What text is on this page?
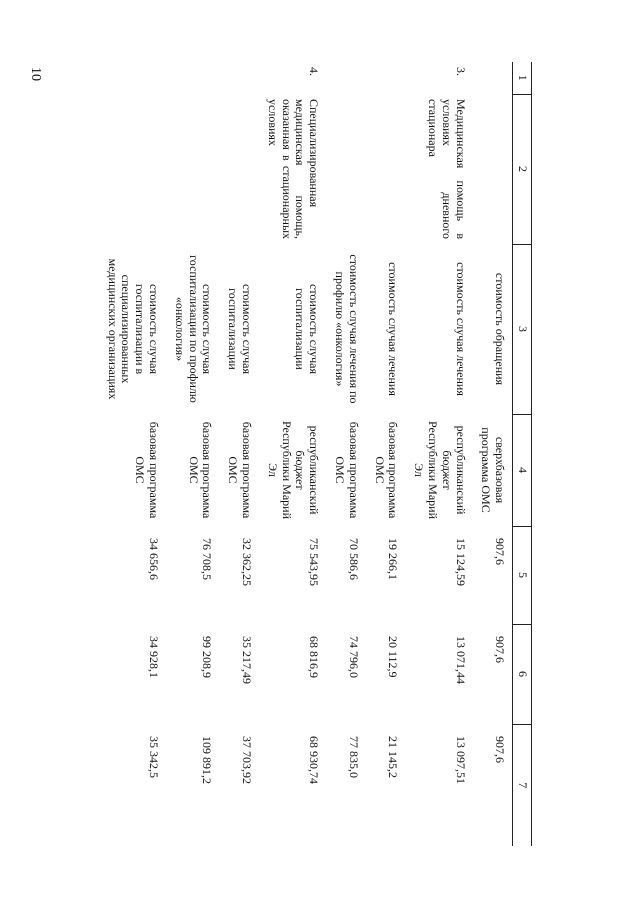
10	1	2	3	4	5	6	7
		стоимость обращения	сверхбазовая программа ОМС	907,6	907,6	907,6
3.	Медицинская помощь в условиях дневного стационара	стоимость случая лечения	республиканский бюджет Республики Марий Эл	15 124,59	13 071,44	13 097,51
		стоимость случая лечения	базовая программа ОМС	19 266,1	20 112,9	21 145,2
		стоимость случая лечения по профилю «онкология»	базовая программа ОМС	70 586,6	74 796,0	77 835,0
4.	Специализированная медицинская помощь, оказанная в стационарных условиях	стоимость случая госпитализации	республиканский бюджет Республики Марий Эл	75 543,95	68 816,9	68 930,74
		стоимость случая госпитализации	базовая программа ОМС	32 362,25	35 217,49	37 703,92
		стоимость случая госпитализации по профилю «онкология»	базовая программа ОМС	76 708,5	99 208,9	109 891,2
		стоимость случая госпитализации в специализированных медицинских организациях	базовая программа ОМС	34 656,6	34 928,1	35 342,5
